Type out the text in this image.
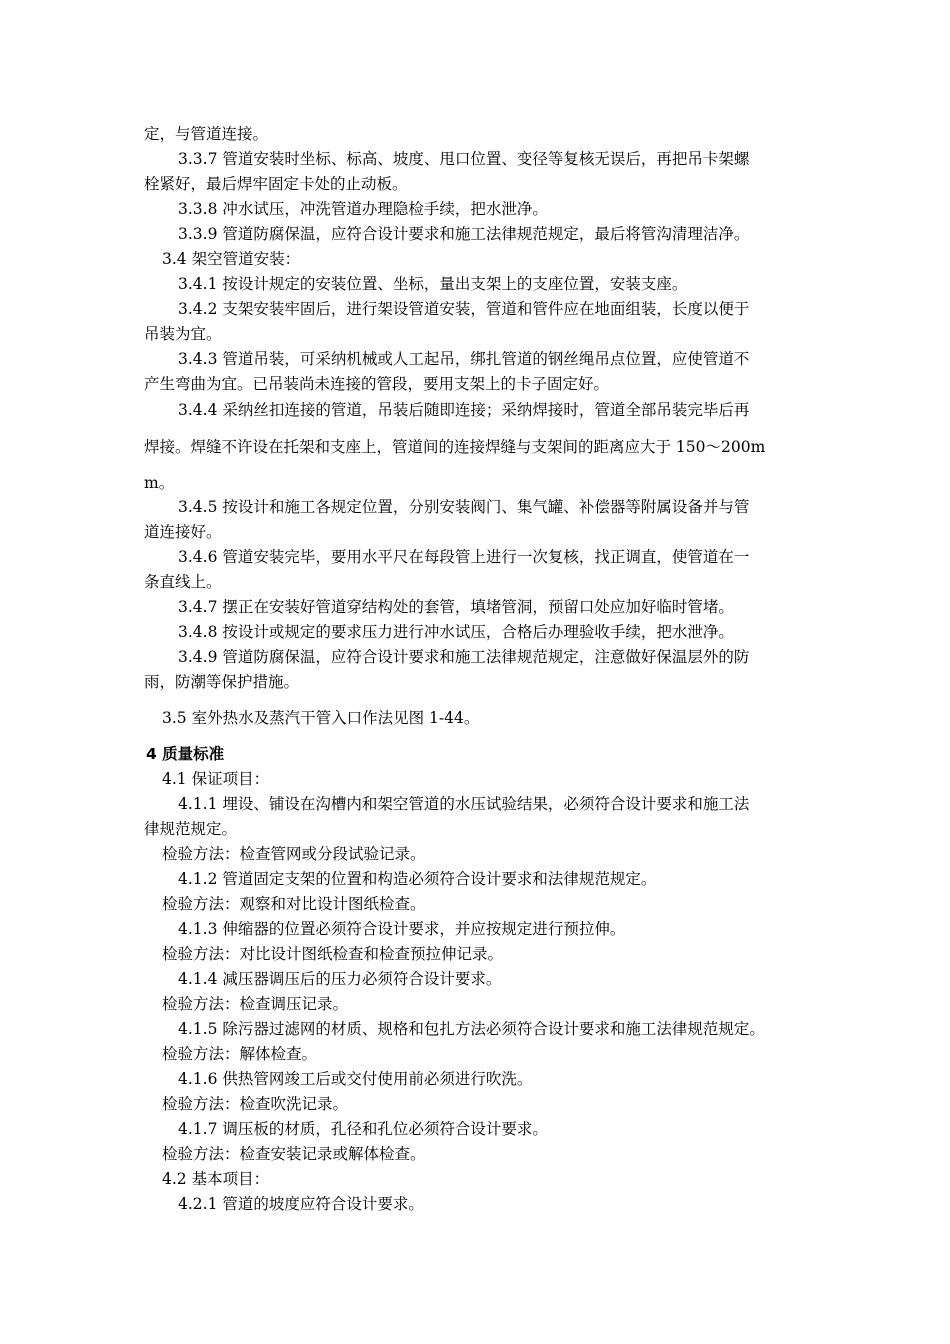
定，与管道连接。
3.3.7 管道安装时坐标、标高、坡度、甩口位置、变径等复核无误后，再把吊卡架螺
栓紧好，最后焊牢固定卡处的止动板。
3.3.8 冲水试压，冲洗管道办理隐检手续，把水泄净。
3.3.9 管道防腐保温，应符合设计要求和施工法律规范规定，最后将管沟清理洁净。
3.4 架空管道安装：
3.4.1 按设计规定的安装位置、坐标，量出支架上的支座位置，安装支座。
3.4.2 支架安装牢固后，进行架设管道安装，管道和管件应在地面组装，长度以便于
吊装为宜。
3.4.3 管道吊装，可采纳机械或人工起吊，绑扎管道的钢丝绳吊点位置，应使管道不
产生弯曲为宜。已吊装尚未连接的管段，要用支架上的卡子固定好。
3.4.4 采纳丝扣连接的管道，吊装后随即连接；采纳焊接时，管道全部吊装完毕后再
焊接。焊缝不许设在托架和支座上，管道间的连接焊缝与支架间的距离应大于 150～200m
m。
3.4.5 按设计和施工各规定位置，分别安装阀门、集气罐、补偿器等附属设备并与管
道连接好。
3.4.6 管道安装完毕，要用水平尺在每段管上进行一次复核，找正调直，使管道在一
条直线上。
3.4.7 摆正在安装好管道穿结构处的套管，填堵管洞，预留口处应加好临时管堵。
3.4.8 按设计或规定的要求压力进行冲水试压，合格后办理验收手续，把水泄净。
3.4.9 管道防腐保温，应符合设计要求和施工法律规范规定，注意做好保温层外的防
雨，防潮等保护措施。
3.5 室外热水及蒸汽干管入口作法见图 1-44。
4 质量标准
4.1 保证项目：
4.1.1 埋设、铺设在沟槽内和架空管道的水压试验结果，必须符合设计要求和施工法
律规范规定。
检验方法：检查管网或分段试验记录。
4.1.2 管道固定支架的位置和构造必须符合设计要求和法律规范规定。
检验方法：观察和对比设计图纸检查。
4.1.3 伸缩器的位置必须符合设计要求，并应按规定进行预拉伸。
检验方法：对比设计图纸检查和检查预拉伸记录。
4.1.4 减压器调压后的压力必须符合设计要求。
检验方法：检查调压记录。
4.1.5 除污器过滤网的材质、规格和包扎方法必须符合设计要求和施工法律规范规定。
检验方法：解体检查。
4.1.6 供热管网竣工后或交付使用前必须进行吹洗。
检验方法：检查吹洗记录。
4.1.7 调压板的材质，孔径和孔位必须符合设计要求。
检验方法：检查安装记录或解体检查。
4.2 基本项目：
4.2.1 管道的坡度应符合设计要求。
